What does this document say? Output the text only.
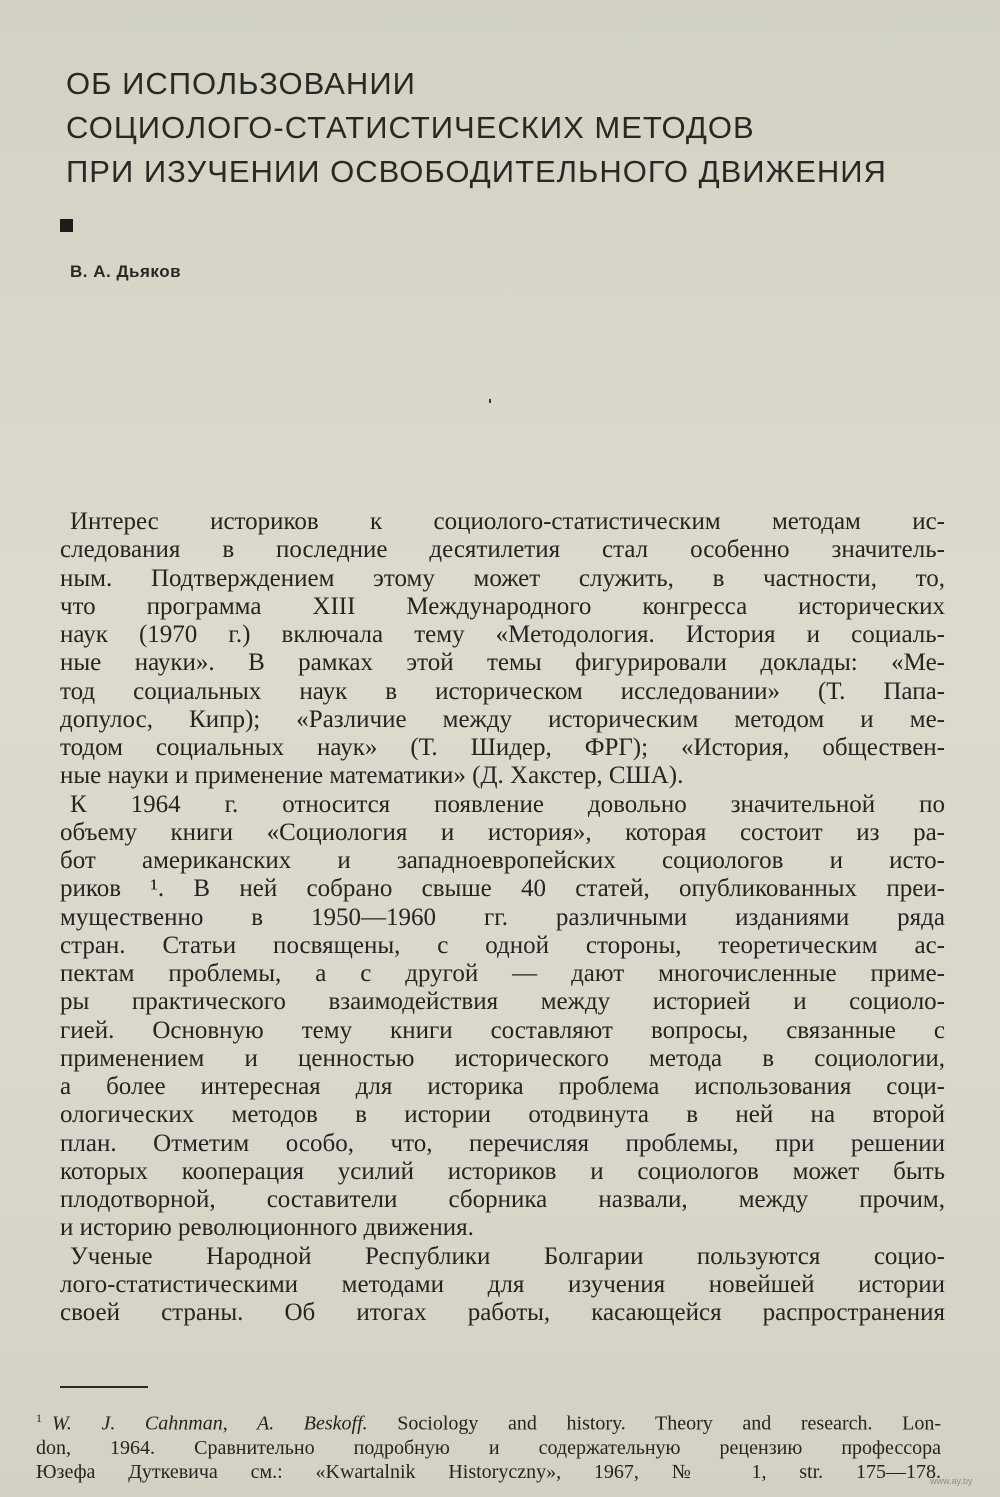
ОБ ИСПОЛЬЗОВАНИИ
СОЦИОЛОГО-СТАТИСТИЧЕСКИХ МЕТОДОВ
ПРИ ИЗУЧЕНИИ ОСВОБОДИТЕЛЬНОГО ДВИЖЕНИЯ
В. А. Дьяков
Интерес историков к социолого-статистическим методам ис-
следования в последние десятилетия стал особенно значитель-
ным. Подтверждением этому может служить, в частности, то,
что программа XIII Международного конгресса исторических
наук (1970 г.) включала тему «Методология. История и социаль-
ные науки». В рамках этой темы фигурировали доклады: «Ме-
тод социальных наук в историческом исследовании» (Т. Папа-
допулос, Кипр); «Различие между историческим методом и ме-
тодом социальных наук» (Т. Шидер, ФРГ); «История, обществен-
ные науки и применение математики» (Д. Хакстер, США).
К 1964 г. относится появление довольно значительной по
объему книги «Социология и история», которая состоит из ра-
бот американских и западноевропейских социологов и исто-
риков ¹. В ней собрано свыше 40 статей, опубликованных преи-
мущественно в 1950—1960 гг. различными изданиями ряда
стран. Статьи посвящены, с одной стороны, теоретическим ас-
пектам проблемы, а с другой — дают многочисленные приме-
ры практического взаимодействия между историей и социоло-
гией. Основную тему книги составляют вопросы, связанные с
применением и ценностью исторического метода в социологии,
а более интересная для историка проблема использования соци-
ологических методов в истории отодвинута в ней на второй
план. Отметим особо, что, перечисляя проблемы, при решении
которых кооперация усилий историков и социологов может быть
плодотворной, составители сборника назвали, между прочим,
и историю революционного движения.
Ученые Народной Республики Болгарии пользуются социо-
лого-статистическими методами для изучения новейшей истории
своей страны. Об итогах работы, касающейся распространения
$^1$ W. J. Cahnman, A. Beskoff. Sociology and history. Theory and research. Lon-
don, 1964. Сравнительно подробную и содержательную рецензию профессора
Юзефа Дуткевича см.: «Kwartalnik Historyczny», 1967, № 1, str. 175—178.
www.ay.by
